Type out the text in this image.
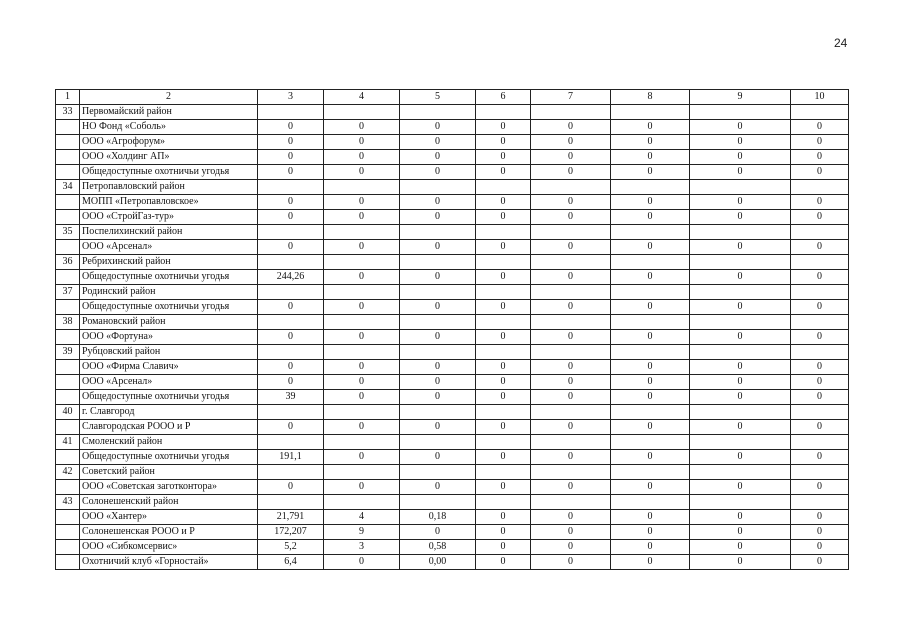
24
1	2	3	4	5	6	7	8	9	10
33	Первомайский район								
	НО Фонд «Соболь»	0	0	0	0	0	0	0	0
	ООО «Агрофорум»	0	0	0	0	0	0	0	0
	ООО «Холдинг АП»	0	0	0	0	0	0	0	0
	Общедоступные охотничьи угодья	0	0	0	0	0	0	0	0
34	Петропавловский район								
	МОПП «Петропавловское»	0	0	0	0	0	0	0	0
	ООО «СтройГаз-тур»	0	0	0	0	0	0	0	0
35	Поспелихинский район								
	ООО «Арсенал»	0	0	0	0	0	0	0	0
36	Ребрихинский район								
	Общедоступные охотничьи угодья	244,26	0	0	0	0	0	0	0
37	Родинский район								
	Общедоступные охотничьи угодья	0	0	0	0	0	0	0	0
38	Романовский район								
	ООО «Фортуна»	0	0	0	0	0	0	0	0
39	Рубцовский район								
	ООО «Фирма Славич»	0	0	0	0	0	0	0	0
	ООО «Арсенал»	0	0	0	0	0	0	0	0
	Общедоступные охотничьи угодья	39	0	0	0	0	0	0	0
40	г. Славгород								
	Славгородская РООО и Р	0	0	0	0	0	0	0	0
41	Смоленский район								
	Общедоступные охотничьи угодья	191,1	0	0	0	0	0	0	0
42	Советский район								
	ООО «Советская заготконтора»	0	0	0	0	0	0	0	0
43	Солонешенский район								
	ООО «Хантер»	21,791	4	0,18	0	0	0	0	0
	Солонешенская РООО и Р	172,207	9	0	0	0	0	0	0
	ООО «Сибкомсервис»	5,2	3	0,58	0	0	0	0	0
	Охотничий клуб «Горностай»	6,4	0	0,00	0	0	0	0	0
